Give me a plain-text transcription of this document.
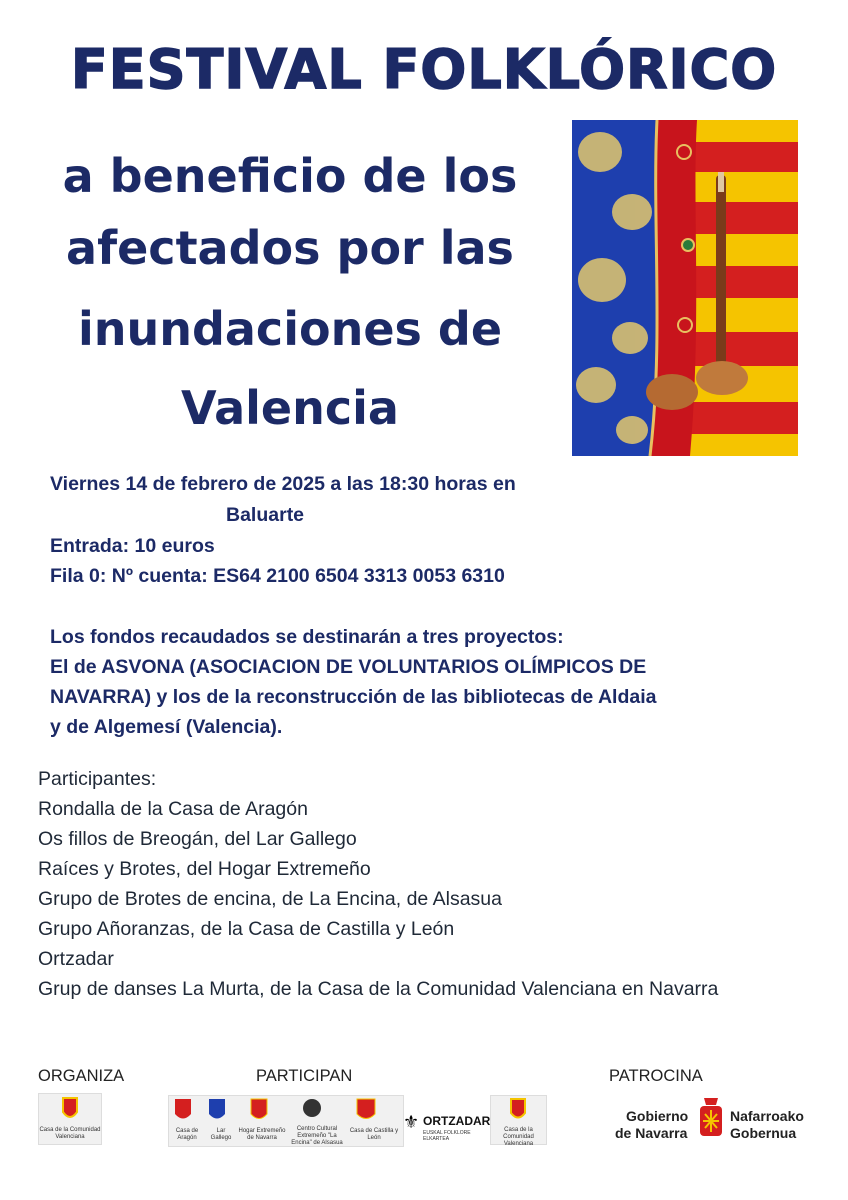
FESTIVAL FOLKLÓRICO
a beneficio de los
afectados por las
inundaciones de
Valencia
Viernes 14 de febrero de 2025 a las 18:30 horas en
Baluarte
Entrada: 10 euros
Fila 0: Nº cuenta: ES64 2100 6504 3313 0053 6310
Los fondos recaudados se destinarán a tres proyectos:
El de ASVONA (ASOCIACION DE VOLUNTARIOS OLÍMPICOS DE
NAVARRA) y los de la reconstrucción de las bibliotecas de Aldaia
y de Algemesí (Valencia).
Participantes:
Rondalla de la Casa de Aragón
Os fillos de Breogán, del Lar Gallego
Raíces y Brotes, del Hogar Extremeño
Grupo de Brotes de encina, de La Encina, de Alsasua
Grupo Añoranzas, de la Casa de Castilla y León
Ortzadar
Grup de danses La Murta, de la Casa de la Comunidad Valenciana en Navarra
ORGANIZA	PARTICIPAN	PATROCINA
Casa de la Comunidad Valenciana
Casa de Aragón
Lar Gallego
Hogar Extremeño de Navarra
Centro Cultural Extremeño "La Encina" de Alsasua
Casa de Castilla y León
⚜ ORTZADAR
EUSKAL FOLKLORE ELKARTEA
Casa de la Comunidad Valenciana
Gobierno
de Navarra
Nafarroako
Gobernua
